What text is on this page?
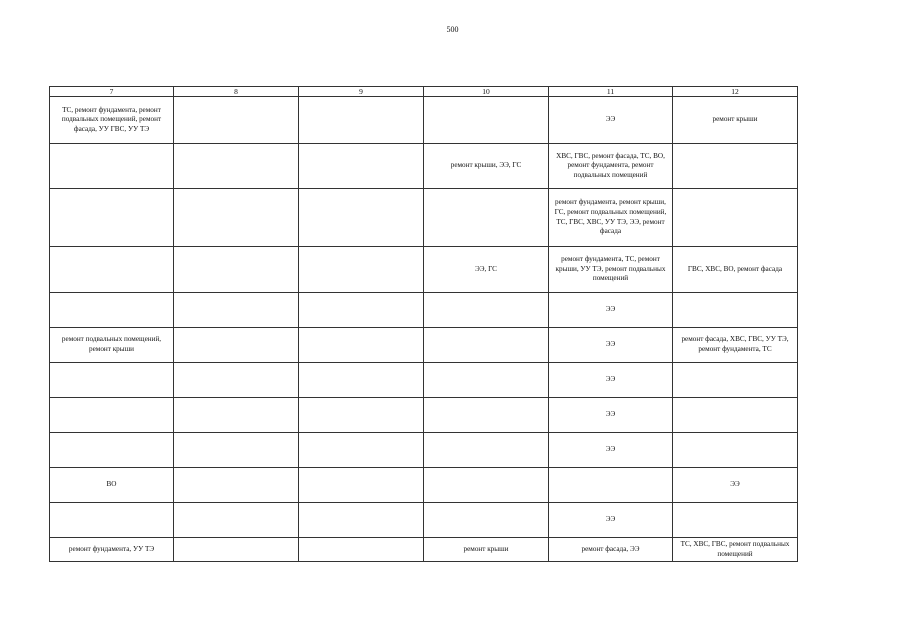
500
7	8	9	10	11	12
ТС, ремонт фундамента, ремонт подвальных помещений, ремонт фасада, УУ ГВС, УУ ТЭ				ЭЭ	ремонт крыши
			ремонт крыши, ЭЭ, ГС	ХВС, ГВС, ремонт фасада, ТС, ВО, ремонт фундамента, ремонт подвальных помещений	
				ремонт фундамента, ремонт крыши, ГС, ремонт подвальных помещений, ТС, ГВС, ХВС, УУ ТЭ, ЭЭ, ремонт фасада	
			ЭЭ, ГС	ремонт фундамента, ТС, ремонт крыши, УУ ТЭ, ремонт подвальных помещений	ГВС, ХВС, ВО, ремонт фасада
				ЭЭ	
ремонт подвальных помещений, ремонт крыши				ЭЭ	ремонт фасада, ХВС, ГВС, УУ ТЭ, ремонт фундамента, ТС
				ЭЭ	
				ЭЭ	
				ЭЭ	
ВО					ЭЭ
				ЭЭ	
ремонт фундамента, УУ ТЭ			ремонт крыши	ремонт фасада, ЭЭ	ТС, ХВС, ГВС, ремонт подвальных помещений
